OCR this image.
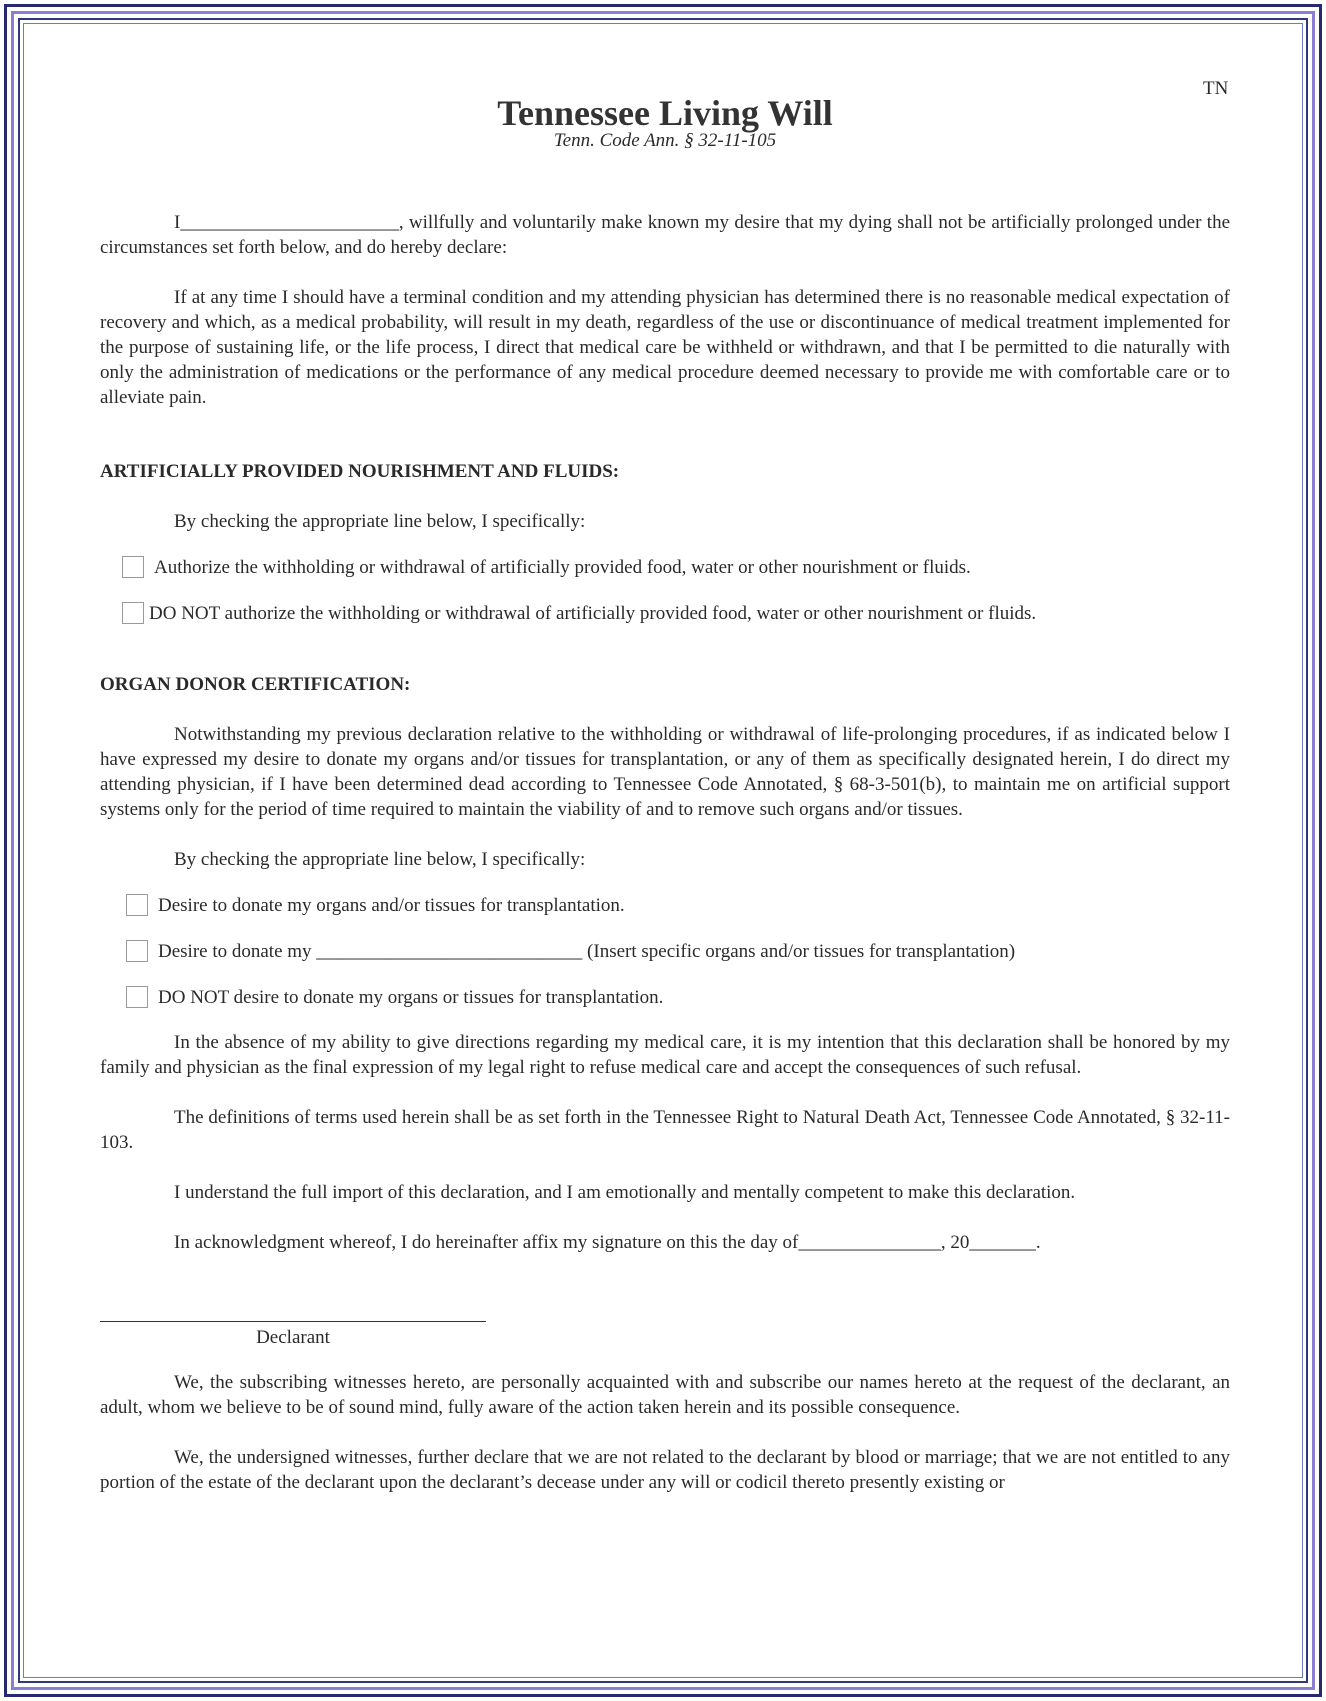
TN
Tennessee Living Will
Tenn. Code Ann. § 32-11-105

I_______________________, willfully and voluntarily make known my desire that my dying shall not be artificially prolonged under the circumstances set forth below, and do hereby declare:

If at any time I should have a terminal condition and my attending physician has determined there is no reasonable medical expectation of recovery and which, as a medical probability, will result in my death, regardless of the use or discontinuance of medical treatment implemented for the purpose of sustaining life, or the life process, I direct that medical care be withheld or withdrawn, and that I be permitted to die naturally with only the administration of medications or the performance of any medical procedure deemed necessary to provide me with comfortable care or to alleviate pain.

ARTIFICIALLY PROVIDED NOURISHMENT AND FLUIDS:

By checking the appropriate line below, I specifically:

Authorize the withholding or withdrawal of artificially provided food, water or other nourishment or fluids.
DO NOT authorize the withholding or withdrawal of artificially provided food, water or other nourishment or fluids.

ORGAN DONOR CERTIFICATION:

Notwithstanding my previous declaration relative to the withholding or withdrawal of life-prolonging procedures, if as indicated below I have expressed my desire to donate my organs and/or tissues for transplantation, or any of them as specifically designated herein, I do direct my attending physician, if I have been determined dead according to Tennessee Code Annotated, § 68-3-501(b), to maintain me on artificial support systems only for the period of time required to maintain the viability of and to remove such organs and/or tissues.

By checking the appropriate line below, I specifically:

Desire to donate my organs and/or tissues for transplantation.
Desire to donate my ____________________________ (Insert specific organs and/or tissues for transplantation)
DO NOT desire to donate my organs or tissues for transplantation.

In the absence of my ability to give directions regarding my medical care, it is my intention that this declaration shall be honored by my family and physician as the final expression of my legal right to refuse medical care and accept the consequences of such refusal.

The definitions of terms used herein shall be as set forth in the Tennessee Right to Natural Death Act, Tennessee Code Annotated, § 32-11-103.

I understand the full import of this declaration, and I am emotionally and mentally competent to make this declaration.

In acknowledgment whereof, I do hereinafter affix my signature on this the day of_______________, 20_______.

Declarant

We, the subscribing witnesses hereto, are personally acquainted with and subscribe our names hereto at the request of the declarant, an adult, whom we believe to be of sound mind, fully aware of the action taken herein and its possible consequence.

We, the undersigned witnesses, further declare that we are not related to the declarant by blood or marriage; that we are not entitled to any portion of the estate of the declarant upon the declarant’s decease under any will or codicil thereto presently existing or
